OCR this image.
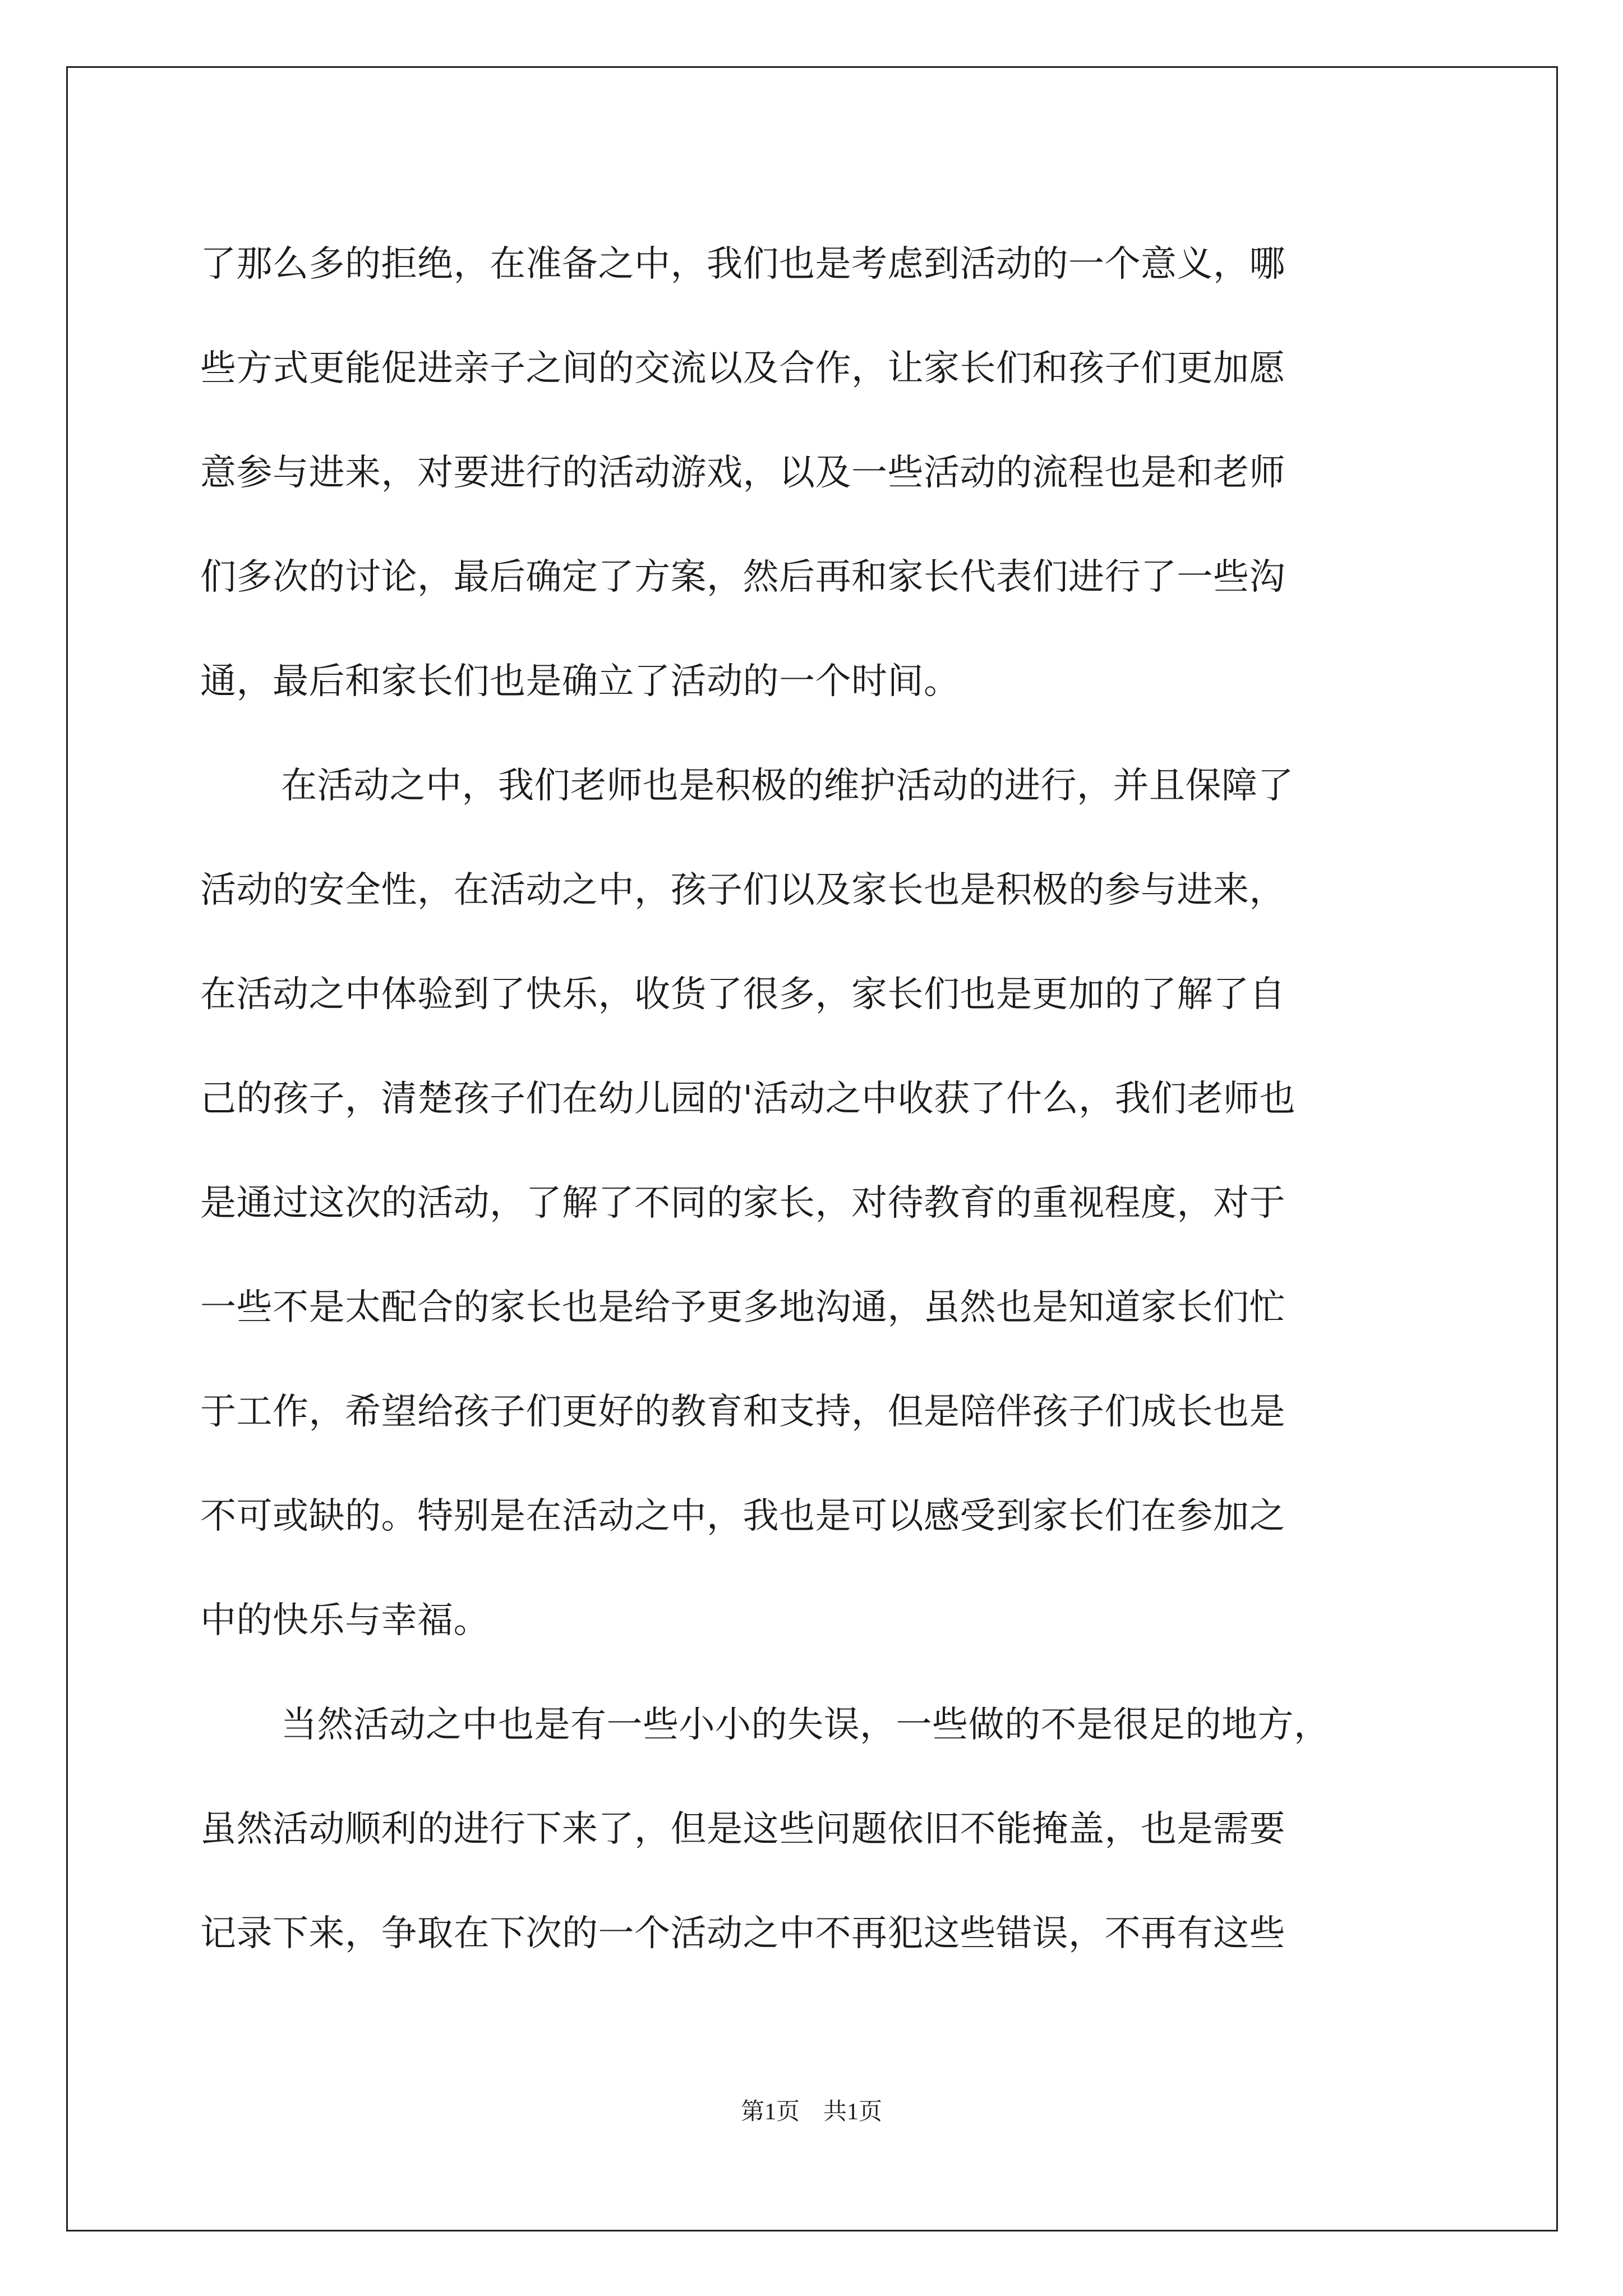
了那么多的拒绝，在准备之中，我们也是考虑到活动的一个意义，哪
些方式更能促进亲子之间的交流以及合作，让家长们和孩子们更加愿
意参与进来，对要进行的活动游戏，以及一些活动的流程也是和老师
们多次的讨论，最后确定了方案，然后再和家长代表们进行了一些沟
通，最后和家长们也是确立了活动的一个时间。
在活动之中，我们老师也是积极的维护活动的进行，并且保障了
活动的安全性，在活动之中，孩子们以及家长也是积极的参与进来，
在活动之中体验到了快乐，收货了很多，家长们也是更加的了解了自
己的孩子，清楚孩子们在幼儿园的'活动之中收获了什么，我们老师也
是通过这次的活动，了解了不同的家长，对待教育的重视程度，对于
一些不是太配合的家长也是给予更多地沟通，虽然也是知道家长们忙
于工作，希望给孩子们更好的教育和支持，但是陪伴孩子们成长也是
不可或缺的。特别是在活动之中，我也是可以感受到家长们在参加之
中的快乐与幸福。
当然活动之中也是有一些小小的失误，一些做的不是很足的地方，
虽然活动顺利的进行下来了，但是这些问题依旧不能掩盖，也是需要
记录下来，争取在下次的一个活动之中不再犯这些错误，不再有这些
第1页　共1页
